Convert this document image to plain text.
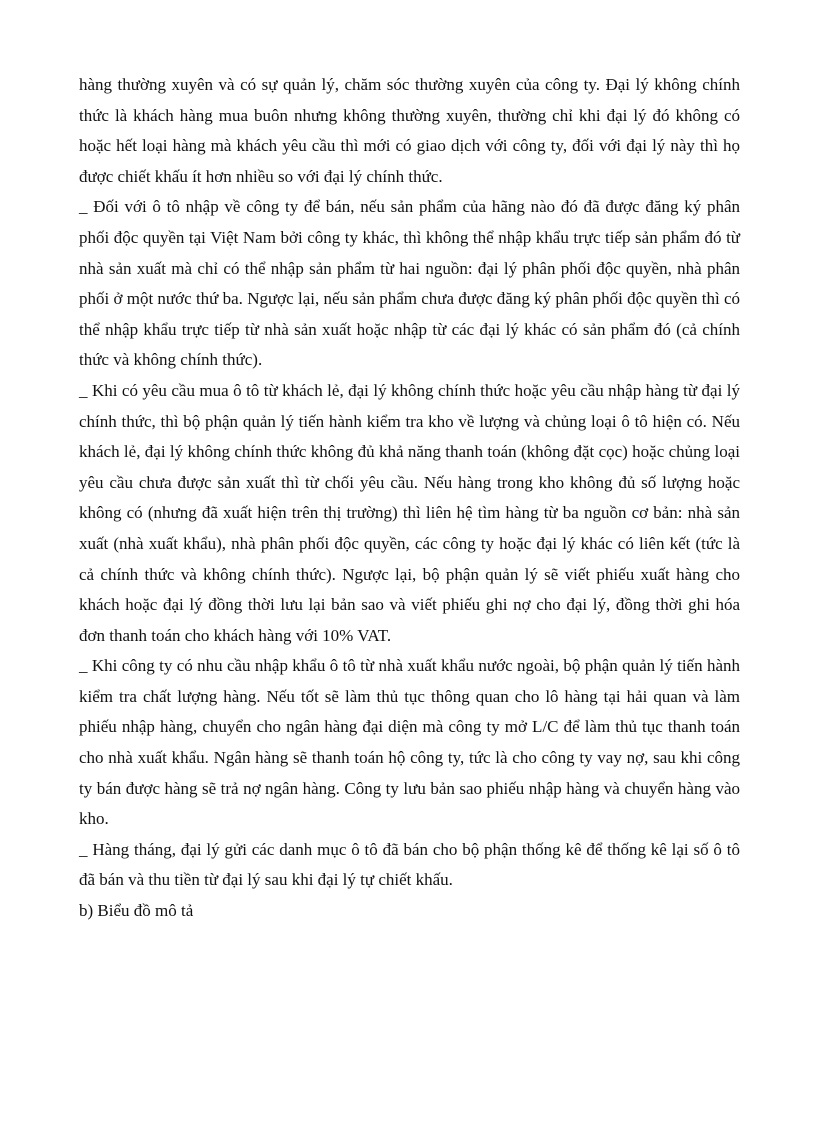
hàng thường xuyên và có sự quản lý, chăm sóc thường xuyên của công ty. Đại lý không chính thức là khách hàng mua buôn nhưng không thường xuyên, thường chỉ khi đại lý đó không có hoặc hết loại hàng mà khách yêu cầu thì mới có giao dịch với công ty, đối với đại lý này thì họ được chiết khấu ít hơn nhiều so với đại lý chính thức.

_ Đối với ô tô nhập về công ty để bán, nếu sản phẩm của hãng nào đó đã được đăng ký phân phối độc quyền tại Việt Nam bởi công ty khác, thì không thể nhập khẩu trực tiếp sản phẩm đó từ nhà sản xuất mà chỉ có thể nhập sản phẩm từ hai nguồn: đại lý phân phối độc quyền, nhà phân phối ở một nước thứ ba. Ngược lại, nếu sản phẩm chưa được đăng ký phân phối độc quyền thì có thể nhập khẩu trực tiếp từ nhà sản xuất hoặc nhập từ các đại lý khác có sản phẩm đó (cả chính thức và không chính thức).

_ Khi có yêu cầu mua ô tô từ khách lẻ, đại lý không chính thức hoặc yêu cầu nhập hàng từ đại lý chính thức, thì bộ phận quản lý tiến hành kiểm tra kho về lượng và chủng loại ô tô hiện có. Nếu khách lẻ, đại lý không chính thức không đủ khả năng thanh toán (không đặt cọc) hoặc chủng loại yêu cầu chưa được sản xuất thì từ chối yêu cầu. Nếu hàng trong kho không đủ số lượng hoặc không có (nhưng đã xuất hiện trên thị trường) thì liên hệ tìm hàng từ ba nguồn cơ bản: nhà sản xuất (nhà xuất khẩu), nhà phân phối độc quyền, các công ty hoặc đại lý khác có liên kết (tức là cả chính thức và không chính thức). Ngược lại, bộ phận quản lý sẽ viết phiếu xuất hàng cho khách hoặc đại lý đồng thời lưu lại bản sao và viết phiếu ghi nợ cho đại lý, đồng thời ghi hóa đơn thanh toán cho khách hàng với 10% VAT.

_ Khi công ty có nhu cầu nhập khẩu ô tô từ nhà xuất khẩu nước ngoài, bộ phận quản lý tiến hành kiểm tra chất lượng hàng. Nếu tốt sẽ làm thủ tục thông quan cho lô hàng tại hải quan và làm phiếu nhập hàng, chuyển cho ngân hàng đại diện mà công ty mở L/C để làm thủ tục thanh toán cho nhà xuất khẩu. Ngân hàng sẽ thanh toán hộ công ty, tức là cho công ty vay nợ, sau khi công ty bán được hàng sẽ trả nợ ngân hàng. Công ty lưu bản sao phiếu nhập hàng và chuyển hàng vào kho.

_ Hàng tháng, đại lý gửi các danh mục ô tô đã bán cho bộ phận thống kê để thống kê lại số ô tô đã bán và thu tiền từ đại lý sau khi đại lý tự chiết khấu.

b) Biểu đồ mô tả
